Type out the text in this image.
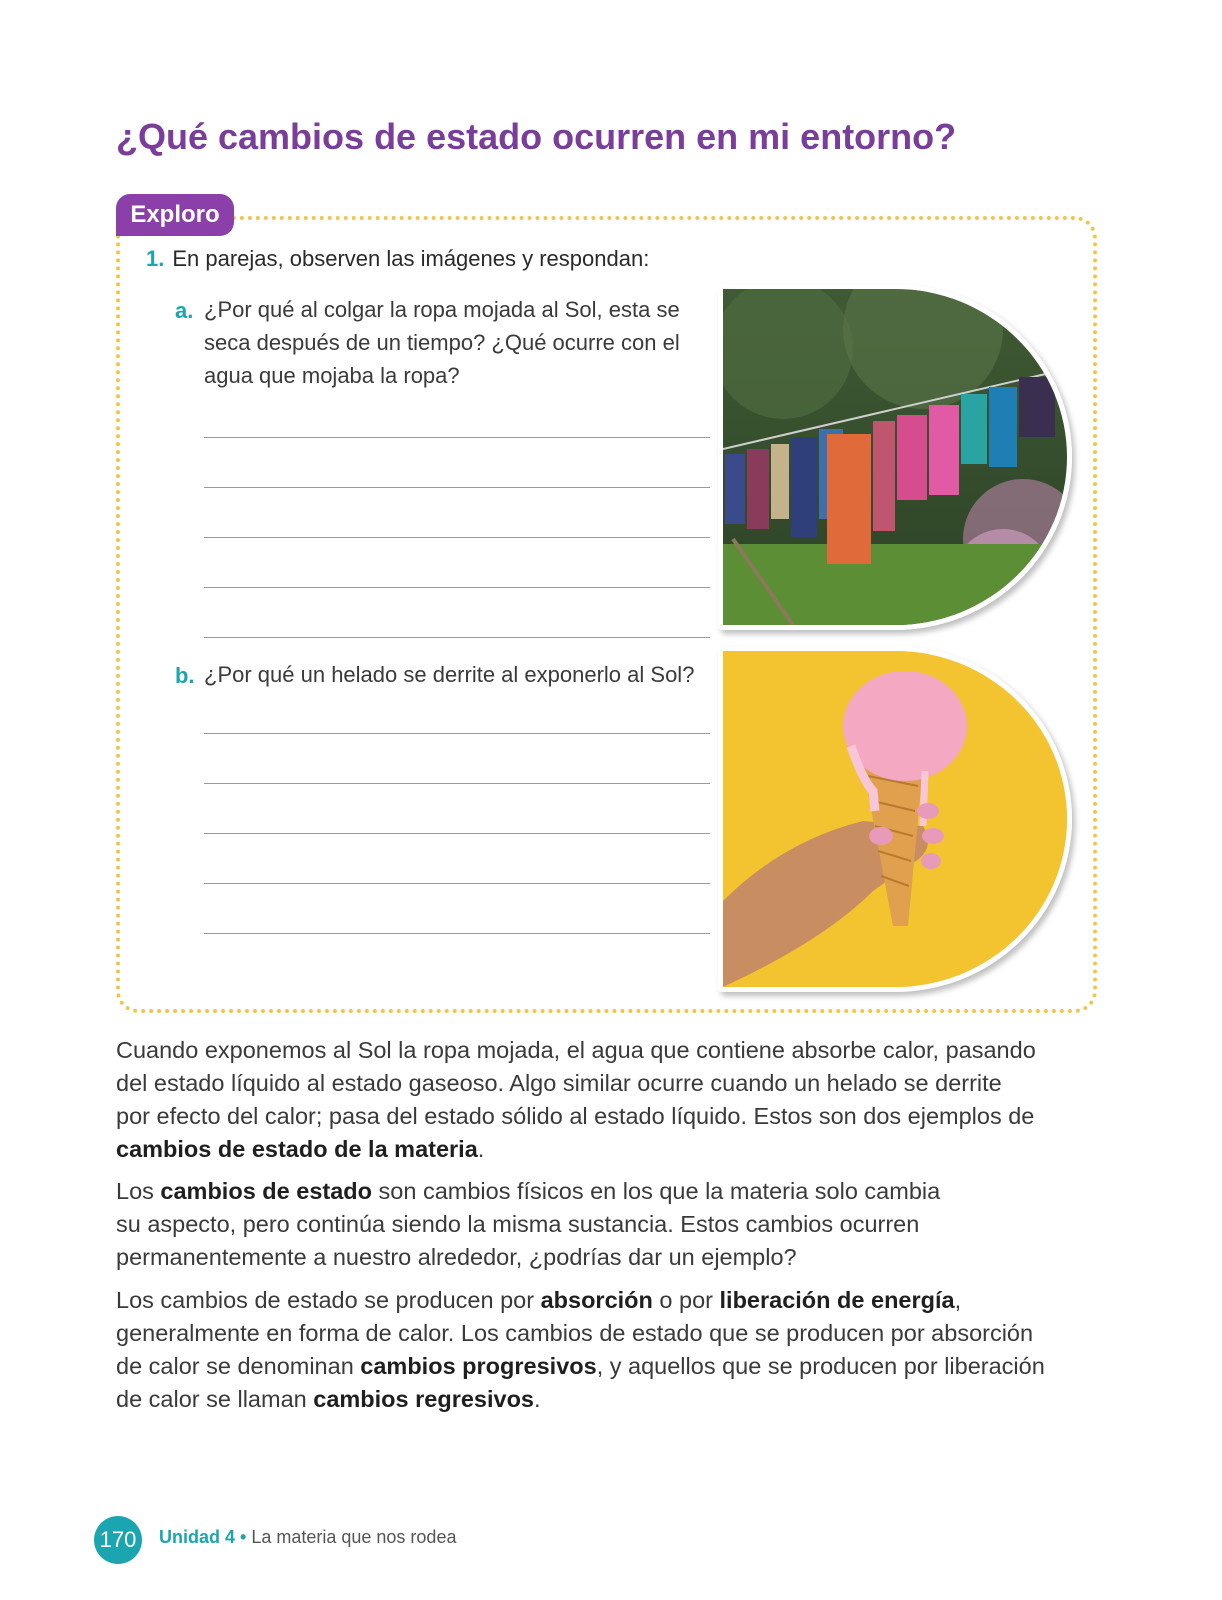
¿Qué cambios de estado ocurren en mi entorno?
Exploro
1. En parejas, observen las imágenes y respondan:
a. ¿Por qué al colgar la ropa mojada al Sol, esta se
seca después de un tiempo? ¿Qué ocurre con el
agua que mojaba la ropa?
b. ¿Por qué un helado se derrite al exponerlo al Sol?

Cuando exponemos al Sol la ropa mojada, el agua que contiene absorbe calor, pasando
del estado líquido al estado gaseoso. Algo similar ocurre cuando un helado se derrite
por efecto del calor; pasa del estado sólido al estado líquido. Estos son dos ejemplos de
cambios de estado de la materia.

Los cambios de estado son cambios físicos en los que la materia solo cambia
su aspecto, pero continúa siendo la misma sustancia. Estos cambios ocurren
permanentemente a nuestro alrededor, ¿podrías dar un ejemplo?

Los cambios de estado se producen por absorción o por liberación de energía,
generalmente en forma de calor. Los cambios de estado que se producen por absorción
de calor se denominan cambios progresivos, y aquellos que se producen por liberación
de calor se llaman cambios regresivos.

170	Unidad 4 • La materia que nos rodea
